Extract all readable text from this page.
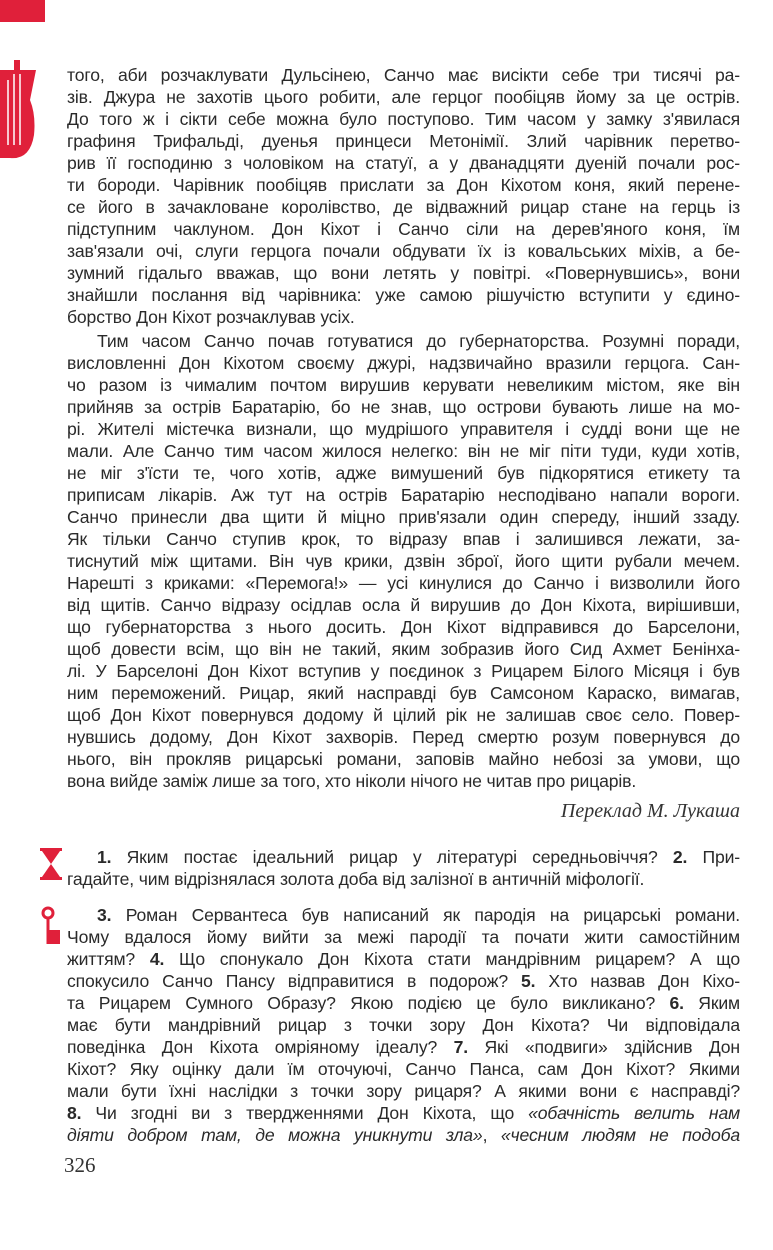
того, аби розчаклувати Дульсінею, Санчо має висікти себе три тисячі ра-
зів. Джура не захотів цього робити, але герцог пообіцяв йому за це острів.
До того ж і сікти себе можна було поступово. Тим часом у замку з'явилася
графиня Трифальді, дуенья принцеси Метонімії. Злий чарівник перетво-
рив її господиню з чоловіком на статуї, а у дванадцяти дуеній почали рос-
ти бороди. Чарівник пообіцяв прислати за Дон Кіхотом коня, який перене-
се його в зачакловане королівство, де відважний рицар стане на герць із
підступним чаклуном. Дон Кіхот і Санчо сіли на дерев'яного коня, їм
зав'язали очі, слуги герцога почали обдувати їх із ковальських міхів, а бе-
зумний гідальго вважав, що вони летять у повітрі. «Повернувшись», вони
знайшли послання від чарівника: уже самою рішучістю вступити у єдино-
борство Дон Кіхот розчаклував усіх.
Тим часом Санчо почав готуватися до губернаторства. Розумні поради,
висловленні Дон Кіхотом своєму джурі, надзвичайно вразили герцога. Сан-
чо разом із чималим почтом вирушив керувати невеликим містом, яке він
прийняв за острів Баратарію, бо не знав, що острови бувають лише на мо-
рі. Жителі містечка визнали, що мудрішого управителя і судді вони ще не
мали. Але Санчо тим часом жилося нелегко: він не міг піти туди, куди хотів,
не міг з'їсти те, чого хотів, адже вимушений був підкорятися етикету та
приписам лікарів. Аж тут на острів Баратарію несподівано напали вороги.
Санчо принесли два щити й міцно прив'язали один спереду, інший ззаду.
Як тільки Санчо ступив крок, то відразу впав і залишився лежати, за-
тиснутий між щитами. Він чув крики, дзвін зброї, його щити рубали мечем.
Нарешті з криками: «Перемога!» — усі кинулися до Санчо і визволили його
від щитів. Санчо відразу осідлав осла й вирушив до Дон Кіхота, вирішивши,
що губернаторства з нього досить. Дон Кіхот відправився до Барселони,
щоб довести всім, що він не такий, яким зобразив його Сид Ахмет Бенінха-
лі. У Барселоні Дон Кіхот вступив у поєдинок з Рицарем Білого Місяця і був
ним переможений. Рицар, який насправді був Самсоном Караско, вимагав,
щоб Дон Кіхот повернувся додому й цілий рік не залишав своє село. Повер-
нувшись додому, Дон Кіхот захворів. Перед смертю розум повернувся до
нього, він прокляв рицарські романи, заповів майно небозі за умови, що
вона вийде заміж лише за того, хто ніколи нічого не читав про рицарів.
Переклад М. Лукаша
1. Яким постає ідеальний рицар у літературі середньовіччя? 2. При-
гадайте, чим відрізнялася золота доба від залізної в античній міфології.
3. Роман Сервантеса був написаний як пародія на рицарські романи.
Чому вдалося йому вийти за межі пародії та почати жити самостійним
життям? 4. Що спонукало Дон Кіхота стати мандрівним рицарем? А що
спокусило Санчо Пансу відправитися в подорож? 5. Хто назвав Дон Кіхо-
та Рицарем Сумного Образу? Якою подією це було викликано? 6. Яким
має бути мандрівний рицар з точки зору Дон Кіхота? Чи відповідала
поведінка Дон Кіхота омріяному ідеалу? 7. Які «подвиги» здійснив Дон
Кіхот? Яку оцінку дали їм оточуючі, Санчо Панса, сам Дон Кіхот? Якими
мали бути їхні наслідки з точки зору рицаря? А якими вони є насправді?
8. Чи згодні ви з твердженнями Дон Кіхота, що «обачність велить нам
діяти добром там, де можна уникнути зла», «чесним людям не подоба
326
